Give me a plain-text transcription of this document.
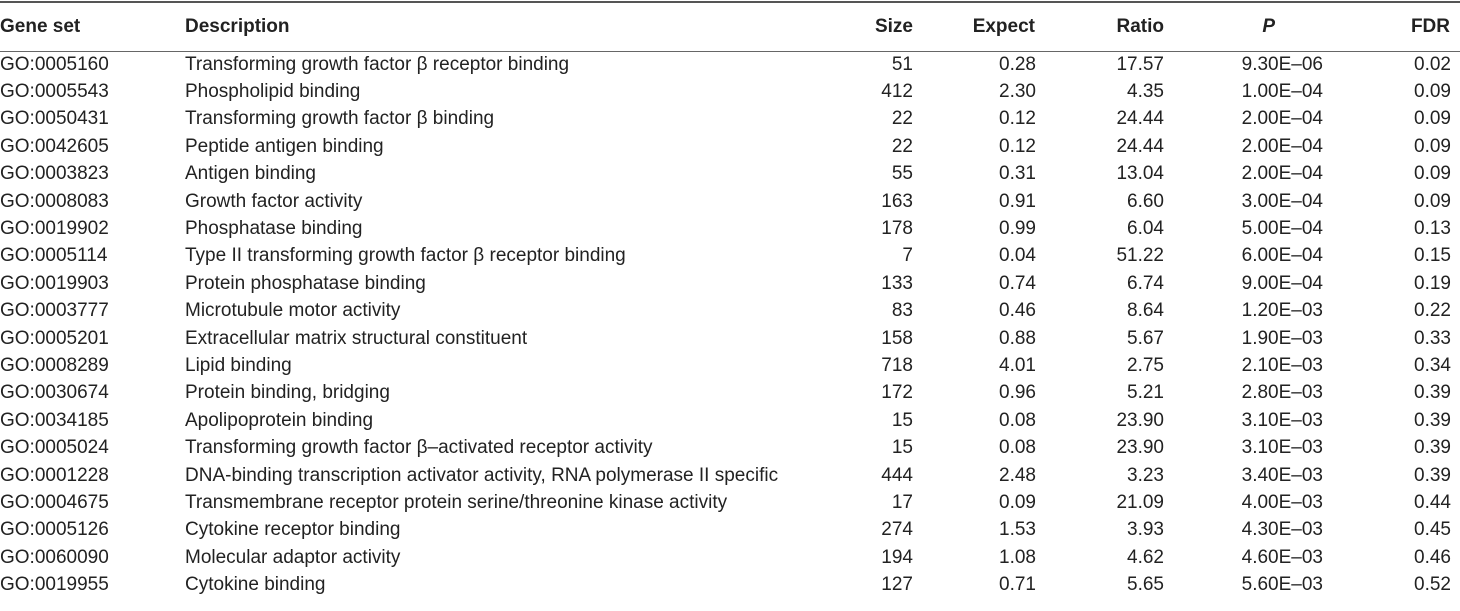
Gene set	Description	Size	Expect	Ratio	P	FDR
GO:0005160	Transforming growth factor β receptor binding	51	0.28	17.57	9.30E–06	0.02
GO:0005543	Phospholipid binding	412	2.30	4.35	1.00E–04	0.09
GO:0050431	Transforming growth factor β binding	22	0.12	24.44	2.00E–04	0.09
GO:0042605	Peptide antigen binding	22	0.12	24.44	2.00E–04	0.09
GO:0003823	Antigen binding	55	0.31	13.04	2.00E–04	0.09
GO:0008083	Growth factor activity	163	0.91	6.60	3.00E–04	0.09
GO:0019902	Phosphatase binding	178	0.99	6.04	5.00E–04	0.13
GO:0005114	Type II transforming growth factor β receptor binding	7	0.04	51.22	6.00E–04	0.15
GO:0019903	Protein phosphatase binding	133	0.74	6.74	9.00E–04	0.19
GO:0003777	Microtubule motor activity	83	0.46	8.64	1.20E–03	0.22
GO:0005201	Extracellular matrix structural constituent	158	0.88	5.67	1.90E–03	0.33
GO:0008289	Lipid binding	718	4.01	2.75	2.10E–03	0.34
GO:0030674	Protein binding, bridging	172	0.96	5.21	2.80E–03	0.39
GO:0034185	Apolipoprotein binding	15	0.08	23.90	3.10E–03	0.39
GO:0005024	Transforming growth factor β–activated receptor activity	15	0.08	23.90	3.10E–03	0.39
GO:0001228	DNA-binding transcription activator activity, RNA polymerase II specific	444	2.48	3.23	3.40E–03	0.39
GO:0004675	Transmembrane receptor protein serine/threonine kinase activity	17	0.09	21.09	4.00E–03	0.44
GO:0005126	Cytokine receptor binding	274	1.53	3.93	4.30E–03	0.45
GO:0060090	Molecular adaptor activity	194	1.08	4.62	4.60E–03	0.46
GO:0019955	Cytokine binding	127	0.71	5.65	5.60E–03	0.52
